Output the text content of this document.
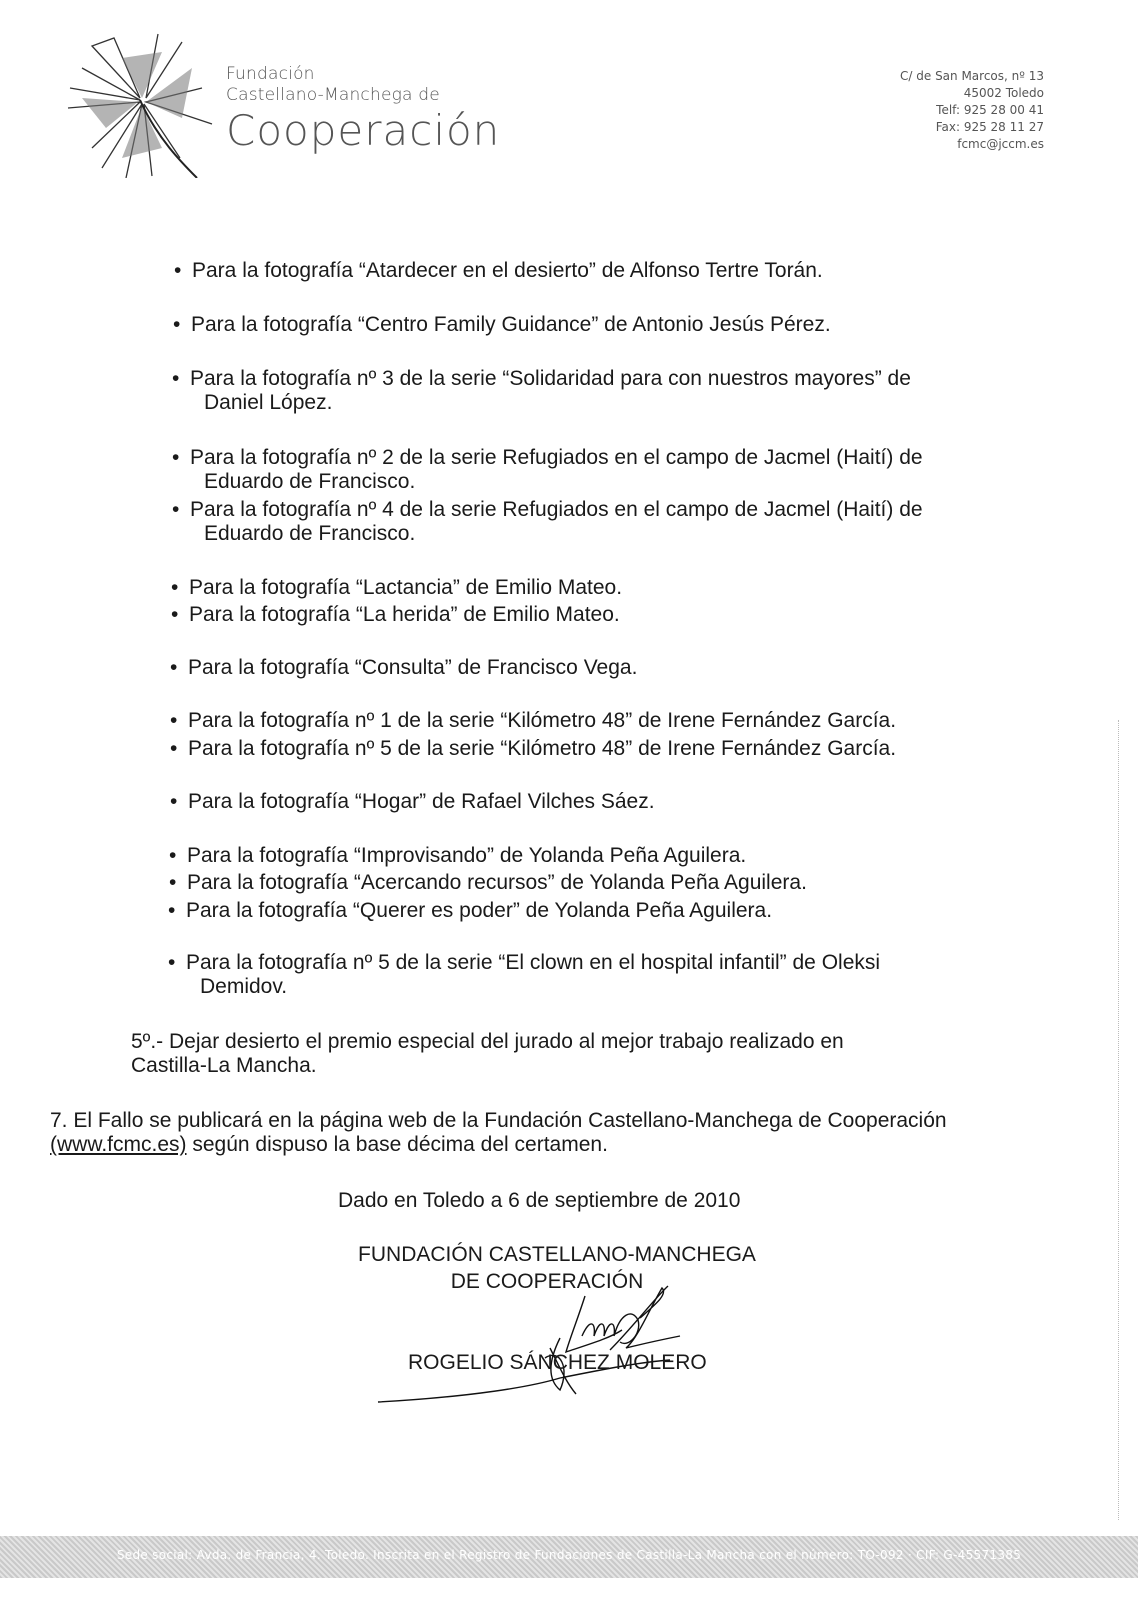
Fundación
Castellano-Manchega de
Cooperación
C/ de San Marcos, nº 13
45002 Toledo
Telf: 925 28 00 41
Fax: 925 28 11 27
fcmc@jccm.es
• Para la fotografía “Atardecer en el desierto” de Alfonso Tertre Torán.
• Para la fotografía “Centro Family Guidance” de Antonio Jesús Pérez.
• Para la fotografía nº 3 de la serie “Solidaridad para con nuestros mayores” de
Daniel López.
• Para la fotografía nº 2 de la serie Refugiados en el campo de Jacmel (Haití) de
Eduardo de Francisco.
• Para la fotografía nº 4 de la serie Refugiados en el campo de Jacmel (Haití) de
Eduardo de Francisco.
• Para la fotografía “Lactancia” de Emilio Mateo.
• Para la fotografía “La herida” de Emilio Mateo.
• Para la fotografía “Consulta” de Francisco Vega.
• Para la fotografía nº 1 de la serie “Kilómetro 48” de Irene Fernández García.
• Para la fotografía nº 5 de la serie “Kilómetro 48” de Irene Fernández García.
• Para la fotografía “Hogar” de Rafael Vilches Sáez.
• Para la fotografía “Improvisando” de Yolanda Peña Aguilera.
• Para la fotografía “Acercando recursos” de Yolanda Peña Aguilera.
• Para la fotografía “Querer es poder” de Yolanda Peña Aguilera.
• Para la fotografía nº 5 de la serie “El clown en el hospital infantil” de Oleksi
Demidov.
5º.- Dejar desierto el premio especial del jurado al mejor trabajo realizado en
Castilla-La Mancha.
7. El Fallo se publicará en la página web de la Fundación Castellano-Manchega de Cooperación
(www.fcmc.es) según dispuso la base décima del certamen.
Dado en Toledo a 6 de septiembre de 2010
FUNDACIÓN CASTELLANO-MANCHEGA
DE COOPERACIÓN
ROGELIO SÁNCHEZ MOLERO
Sede social: Avda. de Francia, 4. Toledo. Inscrita en el Registro de Fundaciones de Castilla-La Mancha con el número: TO-092 · CIF: G-45571385
